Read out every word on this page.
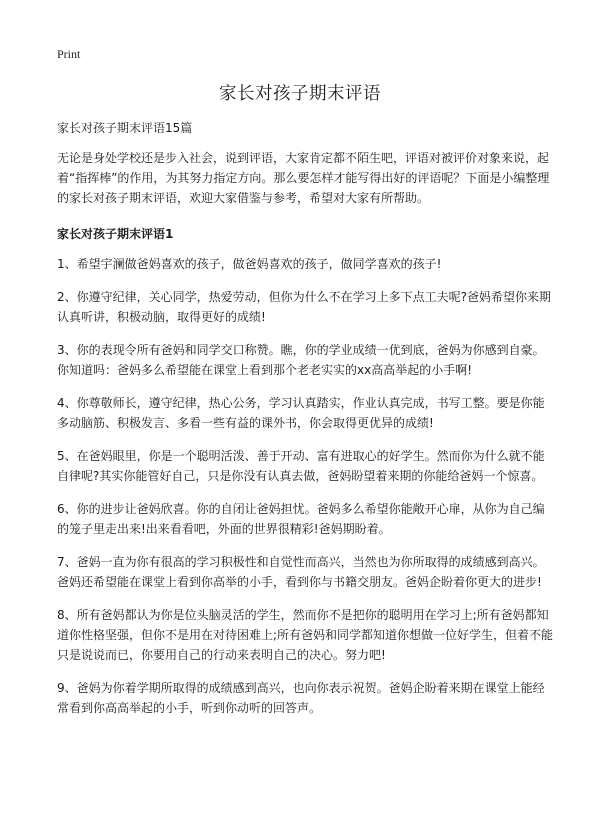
Print
家长对孩子期末评语
家长对孩子期末评语15篇
无论是身处学校还是步入社会，说到评语，大家肯定都不陌生吧，评语对被评价对象来说，起着“指挥棒”的作用，为其努力指定方向。那么要怎样才能写得出好的评语呢？下面是小编整理的家长对孩子期末评语，欢迎大家借鉴与参考，希望对大家有所帮助。
家长对孩子期末评语1
1、希望宇澜做爸妈喜欢的孩子，做爸妈喜欢的孩子，做同学喜欢的孩子!
2、你遵守纪律，关心同学，热爱劳动，但你为什么不在学习上多下点工夫呢?爸妈希望你来期认真听讲，积极动脑，取得更好的成绩!
3、你的表现令所有爸妈和同学交口称赞。瞧，你的学业成绩一优到底，爸妈为你感到自豪。你知道吗：爸妈多么希望能在课堂上看到那个老老实实的xx高高举起的小手啊!
4、你尊敬师长，遵守纪律，热心公务，学习认真踏实，作业认真完成，书写工整。要是你能多动脑筋、积极发言、多看一些有益的课外书，你会取得更优异的成绩!
5、在爸妈眼里，你是一个聪明活泼、善于开动、富有进取心的好学生。然而你为什么就不能自律呢?其实你能管好自己，只是你没有认真去做，爸妈盼望着来期的你能给爸妈一个惊喜。
6、你的进步让爸妈欣喜。你的自闭让爸妈担忧。爸妈多么希望你能敞开心扉，从你为自己编的笼子里走出来!出来看看吧，外面的世界很精彩!爸妈期盼着。
7、爸妈一直为你有很高的学习积极性和自觉性而高兴，当然也为你所取得的成绩感到高兴。爸妈还希望能在课堂上看到你高举的小手，看到你与书籍交朋友。爸妈企盼着你更大的进步!
8、所有爸妈都认为你是位头脑灵活的学生，然而你不是把你的聪明用在学习上;所有爸妈都知道你性格坚强，但你不是用在对待困难上;所有爸妈和同学都知道你想做一位好学生，但着不能只是说说而已，你要用自己的行动来表明自己的决心。努力吧!
9、爸妈为你着学期所取得的成绩感到高兴，也向你表示祝贺。爸妈企盼着来期在课堂上能经常看到你高高举起的小手，听到你动听的回答声。
